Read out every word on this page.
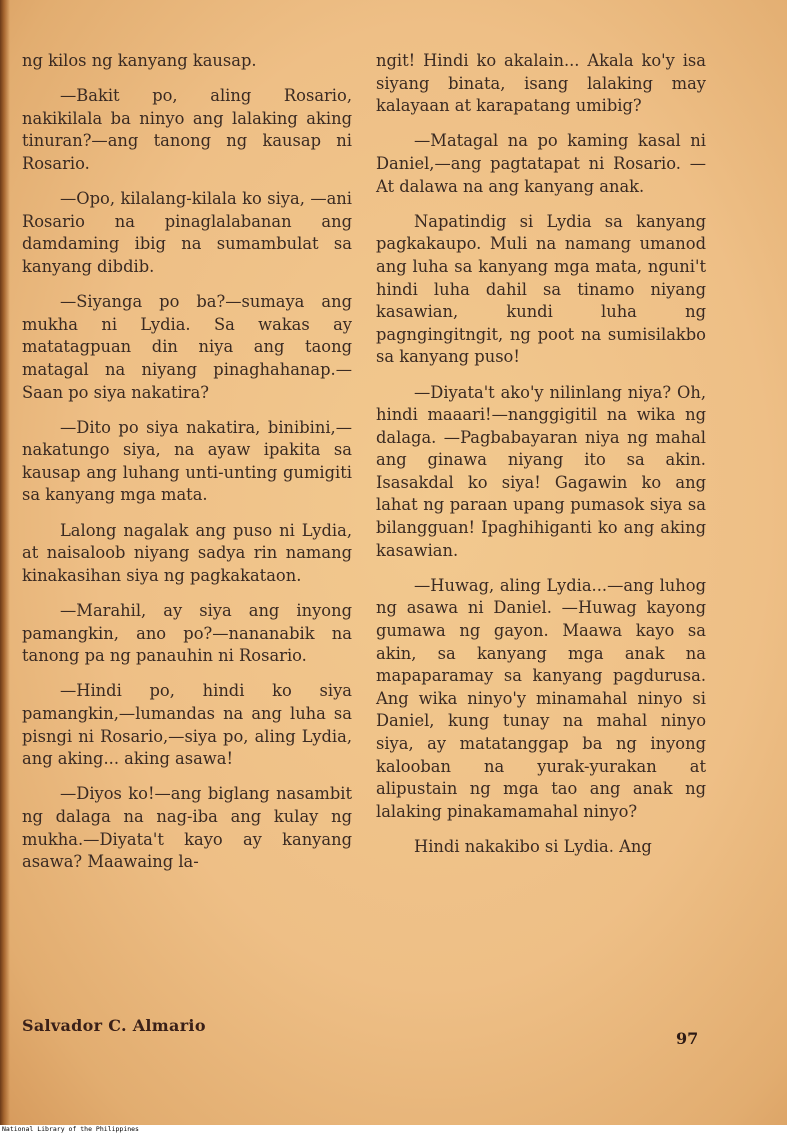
ng kilos ng kanyang kausap.

—Bakit po, aling Rosario, nakikilala ba ninyo ang lalaking aking tinuran?—ang tanong ng kausap ni Rosario.

—Opo, kilalang-kilala ko siya, —ani Rosario na pinaglalabanan ang damdaming ibig na sumambulat sa kanyang dibdib.

—Siyanga po ba?—sumaya ang mukha ni Lydia. Sa wakas ay matatagpuan din niya ang taong matagal na niyang pinaghahanap.— Saan po siya nakatira?

—Dito po siya nakatira, binibini,—nakatungo siya, na ayaw ipakita sa kausap ang luhang unti-unting gumigiti sa kanyang mga mata.

Lalong nagalak ang puso ni Lydia, at naisaloob niyang sadya rin namang kinakasihan siya ng pagkakataon.

—Marahil, ay siya ang inyong pamangkin, ano po?—nananabik na tanong pa ng panauhin ni Rosario.

—Hindi po, hindi ko siya pamangkin,—lumandas na ang luha sa pisngi ni Rosario,—siya po, aling Lydia, ang aking... aking asawa!

—Diyos ko!—ang biglang nasambit ng dalaga na nag-iba ang kulay ng mukha.—Diyata't kayo ay kanyang asawa? Maawaing la-

ngit! Hindi ko akalain... Akala ko'y isa siyang binata, isang lalaking may kalayaan at karapatang umibig?

—Matagal na po kaming kasal ni Daniel,—ang pagtatapat ni Rosario. —At dalawa na ang kanyang anak.

Napatindig si Lydia sa kanyang pagkakaupo. Muli na namang umanod ang luha sa kanyang mga mata, nguni't hindi luha dahil sa tinamo niyang kasawian, kundi luha ng pagngingitngit, ng poot na sumisilakbo sa kanyang puso!

—Diyata't ako'y nilinlang niya? Oh, hindi maaari!—nanggigitil na wika ng dalaga. —Pagbabayaran niya ng mahal ang ginawa niyang ito sa akin. Isasakdal ko siya! Gagawin ko ang lahat ng paraan upang pumasok siya sa bilangguan! Ipaghihiganti ko ang aking kasawian.

—Huwag, aling Lydia...—ang luhog ng asawa ni Daniel. —Huwag kayong gumawa ng gayon. Maawa kayo sa akin, sa kanyang mga anak na mapaparamay sa kanyang pagdurusa. Ang wika ninyo'y minamahal ninyo si Daniel, kung tunay na mahal ninyo siya, ay matatanggap ba ng inyong kalooban na yurak-yurakan at alipustain ng mga tao ang anak ng lalaking pinakamamahal ninyo?

Hindi nakakibo si Lydia. Ang

Salvador C. Almario
97
National Library of the Philippines
